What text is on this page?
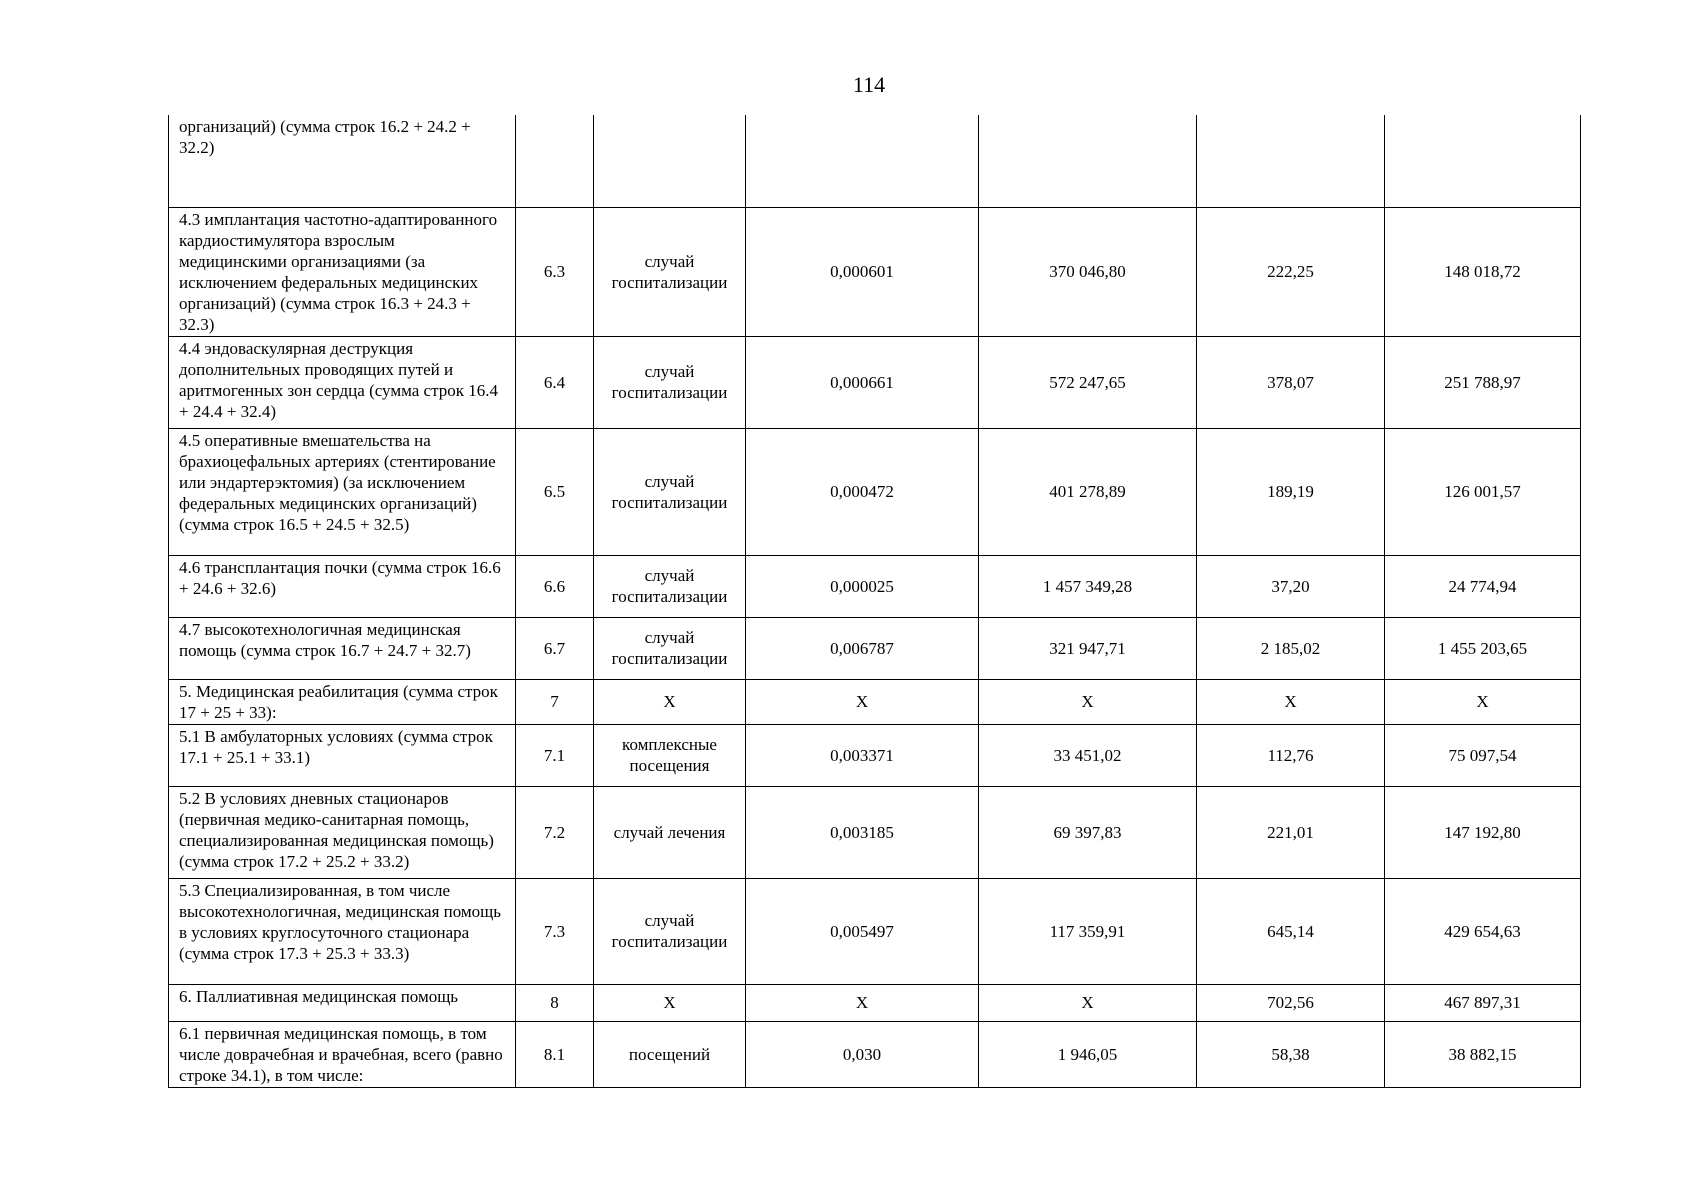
114
организаций) (сумма строк 16.2 + 24.2 + 32.2)						
4.3 имплантация частотно-адаптированного кардиостимулятора взрослым медицинскими организациями (за исключением федеральных медицинских организаций) (сумма строк 16.3 + 24.3 + 32.3)	6.3	случай госпитализации	0,000601	370 046,80	222,25	148 018,72
4.4 эндоваскулярная деструкция дополнительных проводящих путей и аритмогенных зон сердца (сумма строк 16.4 + 24.4 + 32.4)	6.4	случай госпитализации	0,000661	572 247,65	378,07	251 788,97
4.5 оперативные вмешательства на брахиоцефальных артериях (стентирование или эндартерэктомия) (за исключением федеральных медицинских организаций) (сумма строк 16.5 + 24.5 + 32.5)	6.5	случай госпитализации	0,000472	401 278,89	189,19	126 001,57
4.6 трансплантация почки (сумма строк 16.6 + 24.6 + 32.6)	6.6	случай госпитализации	0,000025	1 457 349,28	37,20	24 774,94
4.7 высокотехнологичная медицинская помощь (сумма строк 16.7 + 24.7 + 32.7)	6.7	случай госпитализации	0,006787	321 947,71	2 185,02	1 455 203,65
5. Медицинская реабилитация (сумма строк 17 + 25 + 33):	7	Х	Х	Х	Х	Х
5.1 В амбулаторных условиях (сумма строк 17.1 + 25.1 + 33.1)	7.1	комплексные посещения	0,003371	33 451,02	112,76	75 097,54
5.2 В условиях дневных стационаров (первичная медико-санитарная помощь, специализированная медицинская помощь) (сумма строк 17.2 + 25.2 + 33.2)	7.2	случай лечения	0,003185	69 397,83	221,01	147 192,80
5.3 Специализированная, в том числе высокотехнологичная, медицинская помощь в условиях круглосуточного стационара (сумма строк 17.3 + 25.3 + 33.3)	7.3	случай госпитализации	0,005497	117 359,91	645,14	429 654,63
6. Паллиативная медицинская помощь	8	Х	Х	Х	702,56	467 897,31
6.1 первичная медицинская помощь, в том числе доврачебная и врачебная, всего (равно строке 34.1), в том числе:	8.1	посещений	0,030	1 946,05	58,38	38 882,15
